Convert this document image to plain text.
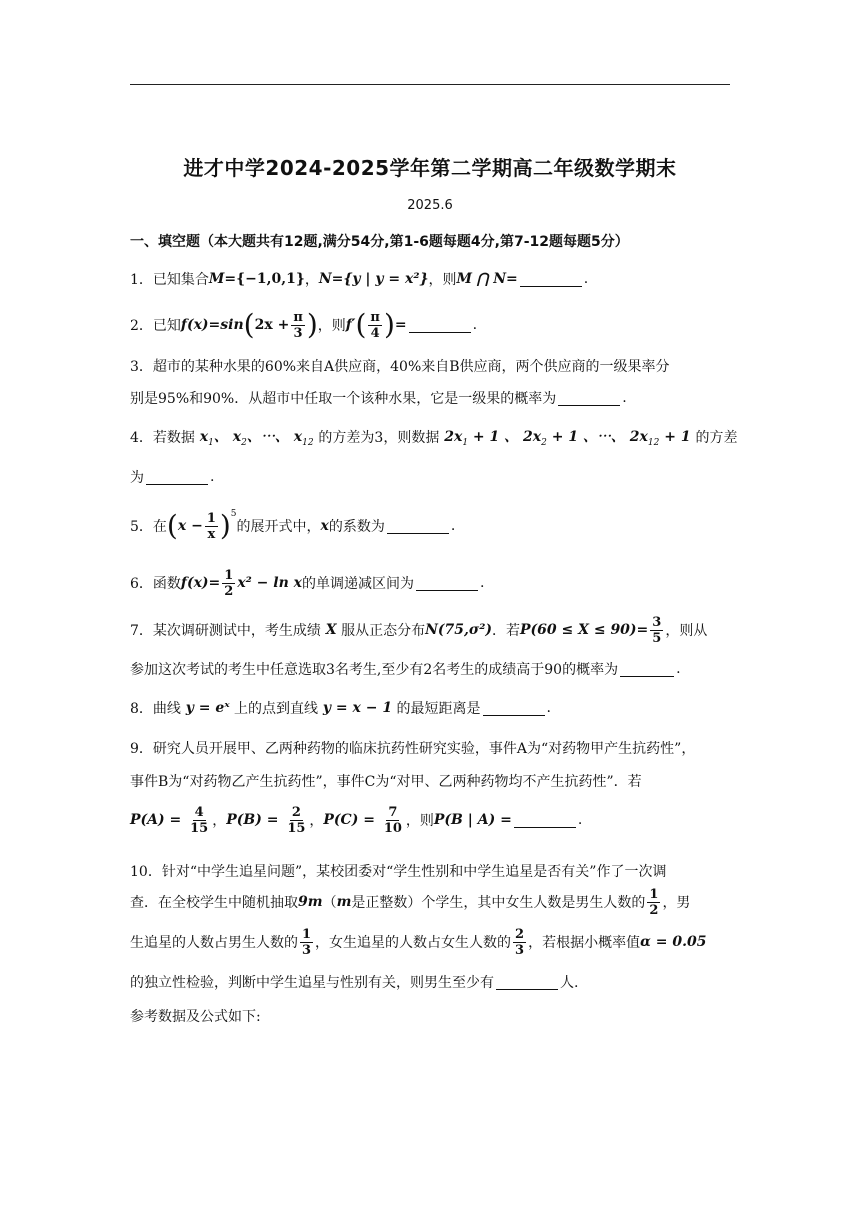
进才中学2024-2025学年第二学期高二年级数学期末
2025.6
一、填空题（本大题共有12题,满分54分,第1-6题每题4分,第7-12题每题5分）
1．已知集合 M = {−1,0,1} ， N = {y | y = x²} ，则 M ⋂ N =	.
2．已知 f(x) = sin ( $2x + \frac{\pi}{3}$ ) ，则 f′ ( $\frac{\pi}{4}$ ) =	.
3．超市的某种水果的60%来自A供应商，40%来自B供应商，两个供应商的一级果率分
别是95%和90%．从超市中任取一个该种水果，它是一级果的概率为	.
4．若数据 $x_1$、 $x_2$、⋯、 $x_{12}$ 的方差为3，则数据 $2x_1 + 1$ 、 $2x_2 + 1$ 、⋯、 $2x_{12} + 1$ 的方差
为	.
5．在 ( $x - \frac{1}{x} )^5$
的展开式中， x 的系数为	.
6．函数 $f(x) = \frac{1}{2} x^2 - \ln x$ 的单调递减区间为	.
7．某次调研测试中，考生成绩
X
服从正态分布 N(75,σ²) ．若 $P(60 \le X \le 90) = \frac{3}{5}$ ，则从
参加这次考试的考生中任意选取3名考生,至少有2名考生的成绩高于90的概率为	.
8．曲线
y = eˣ
上的点到直线
y = x − 1
的最短距离是	.
9．研究人员开展甲、乙两种药物的临床抗药性研究实验，事件A为“对药物甲产生抗药性”，
事件B为“对药物乙产生抗药性”，事件C为“对甲、乙两种药物均不产生抗药性”．若
$P(A) = \frac{4}{15}$ ， $P(B) = \frac{2}{15}$ ， $P(C) = \frac{7}{10}$ ，则 P(B | A) =	.
10．针对“中学生追星问题”，某校团委对“学生性别和中学生追星是否有关”作了一次调
查．在全校学生中随机抽取 9m （ m 是正整数）个学生，其中女生人数是男生人数的 $\frac{1}{2}$ ，男
生追星的人数占男生人数的 $\frac{1}{3}$ ，女生追星的人数占女生人数的 $\frac{2}{3}$ ，若根据小概率值 α = 0.05
的独立性检验，判断中学生追星与性别有关，则男生至少有	人.
参考数据及公式如下:
